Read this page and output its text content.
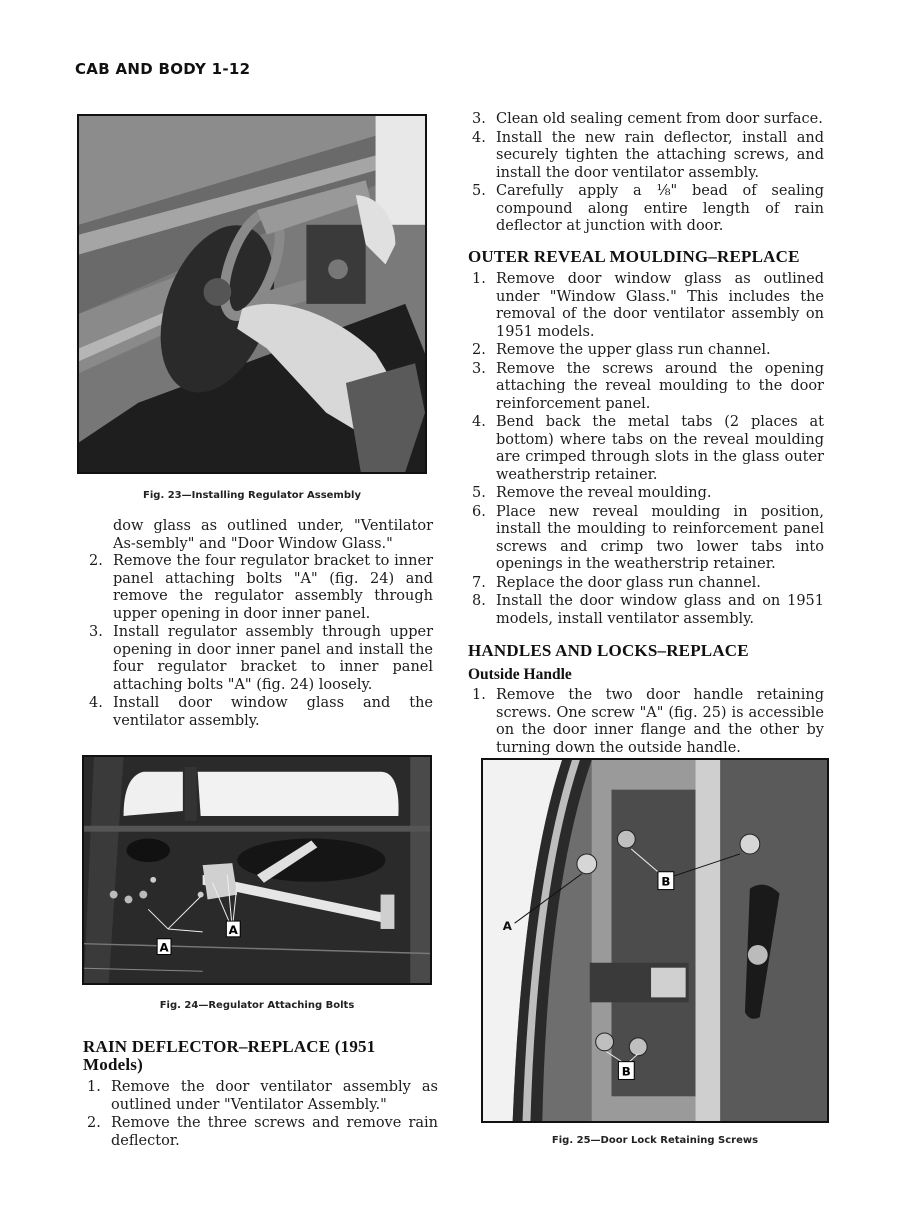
CAB AND BODY 1-12
Fig. 23—Installing Regulator Assembly

dow glass as outlined under, "Ventilator As-sembly" and "Door Window Glass."

2. Remove the four regulator bracket to inner panel attaching bolts "A" (fig. 24) and remove the regulator assembly through upper opening in door inner panel.
3. Install regulator assembly through upper opening in door inner panel and install the four regulator bracket to inner panel attaching bolts "A" (fig. 24) loosely.
4. Install door window glass and the ventilator assembly.
A
A
Fig. 24—Regulator Attaching Bolts
RAIN DEFLECTOR–REPLACE (1951 Models)
1. Remove the door ventilator assembly as outlined under "Ventilator Assembly."
2. Remove the three screws and remove rain deflector.
3. Clean old sealing cement from door surface.
4. Install the new rain deflector, install and securely tighten the attaching screws, and install the door ventilator assembly.
5. Carefully apply a ⅛" bead of sealing compound along entire length of rain deflector at junction with door.
OUTER REVEAL MOULDING–REPLACE
1. Remove door window glass as outlined under "Window Glass." This includes the removal of the door ventilator assembly on 1951 models.
2. Remove the upper glass run channel.
3. Remove the screws around the opening attaching the reveal moulding to the door reinforcement panel.
4. Bend back the metal tabs (2 places at bottom) where tabs on the reveal moulding are crimped through slots in the glass outer weatherstrip retainer.
5. Remove the reveal moulding.
6. Place new reveal moulding in position, install the moulding to reinforcement panel screws and crimp two lower tabs into openings in the weatherstrip retainer.
7. Replace the door glass run channel.
8. Install the door window glass and on 1951 models, install ventilator assembly.
HANDLES AND LOCKS–REPLACE
Outside Handle
1. Remove the two door handle retaining screws. One screw "A" (fig. 25) is accessible on the door inner flange and the other by turning down the outside handle.
A
B
B
Fig. 25—Door Lock Retaining Screws
